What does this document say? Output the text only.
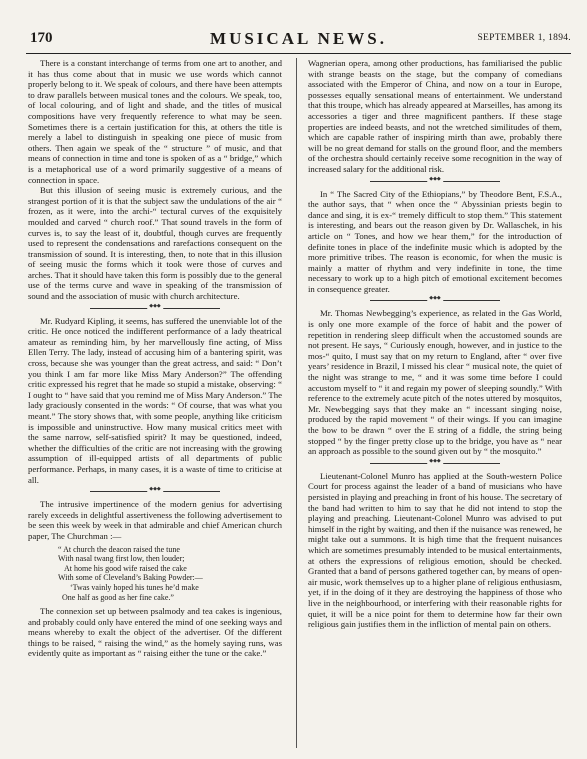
170	MUSICAL NEWS.	SEPTEMBER 1, 1894.

There is a constant interchange of terms from one art to another, and it has thus come about that in music we use words which cannot properly belong to it. We speak of colours, and there have been attempts to draw parallels between musical tones and the colours. We speak, too, of local colouring, and of light and shade, and the titles of musical compositions have very frequently reference to what may be seen. Sometimes there is a certain justification for this, at others the title is merely a label to distinguish in speaking one piece of music from others. Then again we speak of the “ structure ” of music, and that means of connection in time and tone is spoken of as a “ bridge,” which is a metaphorical use of a word primarily suggestive of a means of connection in space.

But this illusion of seeing music is extremely curious, and the strangest portion of it is that the subject saw the undulations of the air “ frozen, as it were, into the archi-“ tectural curves of the exquisitely moulded and carved “ church roof.” That sound travels in the form of curves is, to say the least of it, doubtful, though curves are frequently used to represent the condensations and rarefactions consequent on the transmission of sound. It is interesting, then, to note that in this illusion of seeing music the forms which it took were those of curves and arches. That it should have taken this form is possibly due to the general use of the terms curve and wave in speaking of the transmission of sound and the association of music with church architecture.

◆◆◆

Mr. Rudyard Kipling, it seems, has suffered the unenviable lot of the critic. He once noticed the indifferent performance of a lady theatrical amateur as reminding him, by her marvellously fine acting, of Miss Ellen Terry. The lady, instead of accusing him of a bantering spirit, was cross, because she was younger than the great actress, and said: “ Don’t you think I am far more like Miss Mary Anderson?” The offending critic expressed his regret that he made so stupid a mistake, observing: “ I ought to “ have said that you remind me of Miss Mary Anderson.” The lady graciously consented in the words: “ Of course, that was what you meant.” The story shows that, with some people, anything like criticism is impossible and uninstructive. How many musical critics meet with the same narrow, self-satisfied spirit? It may be questioned, indeed, whether the difficulties of the critic are not increasing with the growing assumption of ill-equipped artists of all departments of public performance. Perhaps, in many cases, it is a waste of time to criticise at all.

◆◆◆

The intrusive impertinence of the modern genius for advertising rarely exceeds in delightful assertiveness the following advertisement to be seen this week by week in that admirable and chief American church paper, The Churchman :—

“ At church the deacon raised the tune
With nasal twang first low, then louder;
At home his good wife raised the cake
With some of Cleveland’s Baking Powder:—
‘Twas vainly hoped his tunes he’d make
One half as good as her fine cake.”

The connexion set up between psalmody and tea cakes is ingenious, and probably could only have entered the mind of one seeking ways and means whereby to exalt the object of the advertiser. Of the different things to be raised, “ raising the wind,” as the homely saying runs, was evidently quite as important as “ raising either the tune or the cake.”

Wagnerian opera, among other productions, has familiarised the public with strange beasts on the stage, but the company of comedians associated with the Emperor of China, and now on a tour in Europe, possesses equally sensational means of entertainment. We understand that this troupe, which has already appeared at Marseilles, has among its accessories a tiger and three magnificent panthers. If these stage properties are indeed beasts, and not the wretched similitudes of them, which are capable rather of inspiring mirth than awe, probably there will be no great demand for stalls on the ground floor, and the members of the orchestra should certainly receive some recognition in the way of increased salary for the additional risk.

◆◆◆

In “ The Sacred City of the Ethiopians,” by Theodore Bent, F.S.A., the author says, that “ when once the “ Abyssinian priests begin to dance and sing, it is ex-“ tremely difficult to stop them.” This statement is interesting, and bears out the reason given by Dr. Wallaschek, in his article on “ Tones, and how we hear them,” for the introduction of definite tones in place of the indefinite music which is adopted by the more primitive tribes. The reason is economic, for when the music is mainly a matter of rhythm and very indefinite in tone, the time necessary to work up to a high pitch of emotional excitement becomes in consequence greater.

◆◆◆

Mr. Thomas Newbegging’s experience, as related in the Gas World, is only one more example of the force of habit and the power of repetition in rendering sleep difficult when the accustomed sounds are not present. He says, “ Curiously enough, however, and in justice to the mos-“ quito, I must say that on my return to England, after “ over five years’ residence in Brazil, I missed his clear “ musical note, the quiet of the night was strange to me, “ and it was some time before I could accustom myself to “ it and regain my power of sleeping soundly.” With reference to the extremely acute pitch of the notes uttered by mosquitos, Mr. Newbegging says that they make an “ incessant singing noise, produced by the rapid movement “ of their wings. If you can imagine the bow to be drawn “ over the E string of a fiddle, the string being stopped “ by the finger pretty close up to the bridge, you have as “ near an approach as possible to the sound given out by “ the mosquito.”

◆◆◆

Lieutenant-Colonel Munro has applied at the South-western Police Court for process against the leader of a band of musicians who have persisted in playing and preaching in front of his house. The secretary of the band had written to him to say that he did not intend to stop the playing and preaching. Lieutenant-Colonel Munro was advised to put himself in the right by waiting, and then if the nuisance was renewed, he might take out a summons. It is high time that the frequent nuisances which are sometimes presumably intended to be musical entertainments, at others the expressions of religious emotion, should be checked. Granted that a band of persons gathered together can, by means of open-air music, work themselves up to a higher plane of religious enthusiasm, yet, if in the doing of it they are destroying the happiness of those who live in the neighbourhood, or interfering with their reasonable rights for quiet, it will be a nice point for them to determine how far their own religious gain justifies them in the infliction of mental pain on others.
